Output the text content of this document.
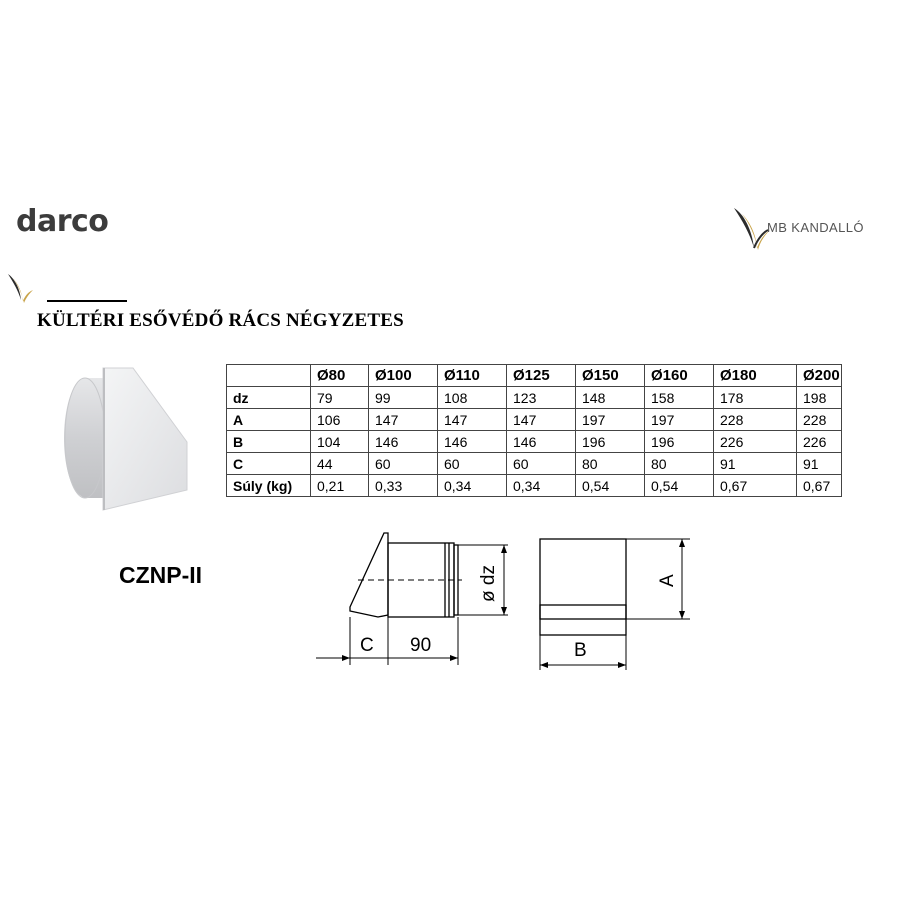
darco	MB KANDALLÓ
KÜLTÉRI ESŐVÉDŐ RÁCS NÉGYZETES
	Ø80	Ø100	Ø110	Ø125	Ø150	Ø160	Ø180	Ø200
dz	79	99	108	123	148	158	178	198
A	106	147	147	147	197	197	228	228
B	104	146	146	146	196	196	226	226
C	44	60	60	60	80	80	91	91
Súly (kg)	0,21	0,33	0,34	0,34	0,54	0,54	0,67	0,67
CZNP-II
C 90
ø dz	A
B
